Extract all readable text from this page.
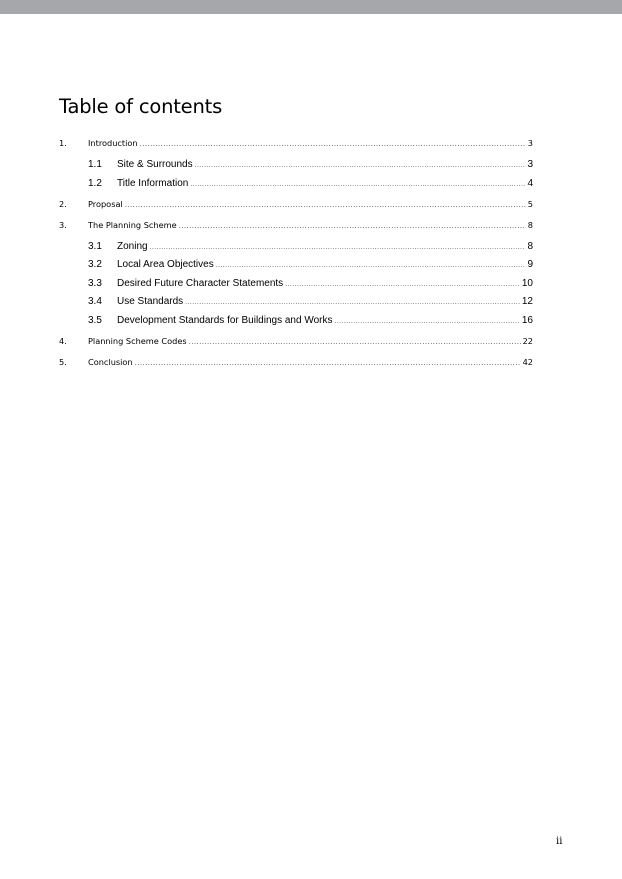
Table of contents
1.	Introduction .....	3
1.1	Site & Surrounds .....	3
1.2	Title Information .....	4
2.	Proposal .....	5
3.	The Planning Scheme .....	8
3.1	Zoning .....	8
3.2	Local Area Objectives .....	9
3.3	Desired Future Character Statements .....	10
3.4	Use Standards .....	12
3.5	Development Standards for Buildings and Works .....	16
4.	Planning Scheme Codes .....	22
5.	Conclusion .....	42
ii
